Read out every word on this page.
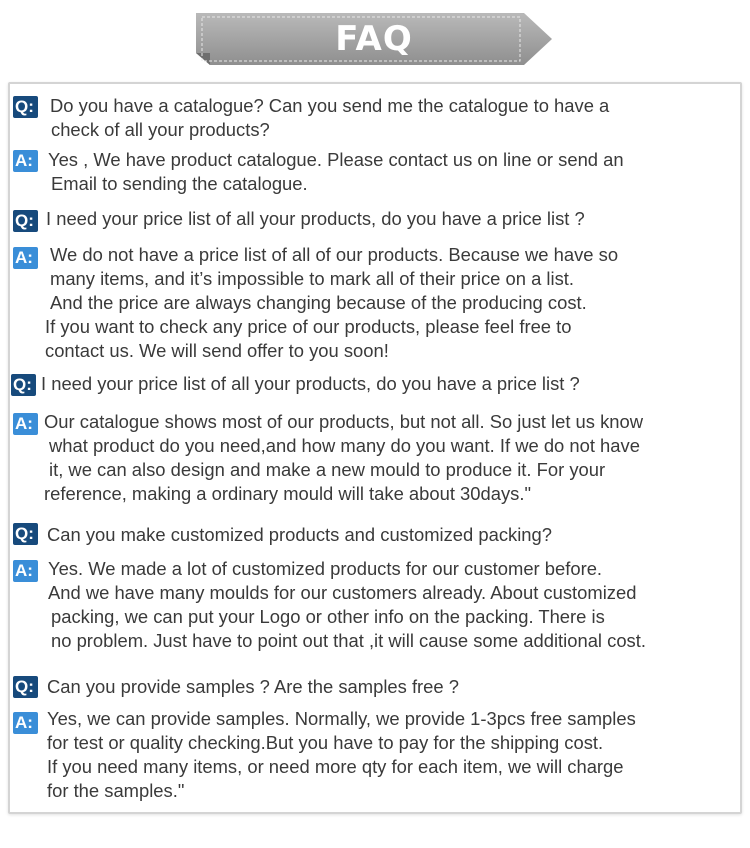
FAQ
Q: Do you have a catalogue? Can you send me the catalogue to have a
check of all your products?
A: Yes , We have product catalogue. Please contact us on line or send an
Email to sending the catalogue.
Q: I need your price list of all your products, do you have a price list ?
A: We do not have a price list of all of our products. Because we have so
many items, and it’s impossible to mark all of their price on a list.
And the price are always changing because of the producing cost.
If you want to check any price of our products, please feel free to
contact us. We will send offer to you soon!
Q: I need your price list of all your products, do you have a price list ?
A: Our catalogue shows most of our products, but not all. So just let us know
what product do you need,and how many do you want. If we do not have
it, we can also design and make a new mould to produce it. For your
reference, making a ordinary mould will take about 30days."
Q: Can you make customized products and customized packing?
A: Yes. We made a lot of customized products for our customer before.
And we have many moulds for our customers already. About customized
packing, we can put your Logo or other info on the packing. There is
no problem. Just have to point out that ,it will cause some additional cost.
Q: Can you provide samples ? Are the samples free ?
A: Yes, we can provide samples. Normally, we provide 1-3pcs free samples
for test or quality checking.But you have to pay for the shipping cost.
If you need many items, or need more qty for each item, we will charge
for the samples."
